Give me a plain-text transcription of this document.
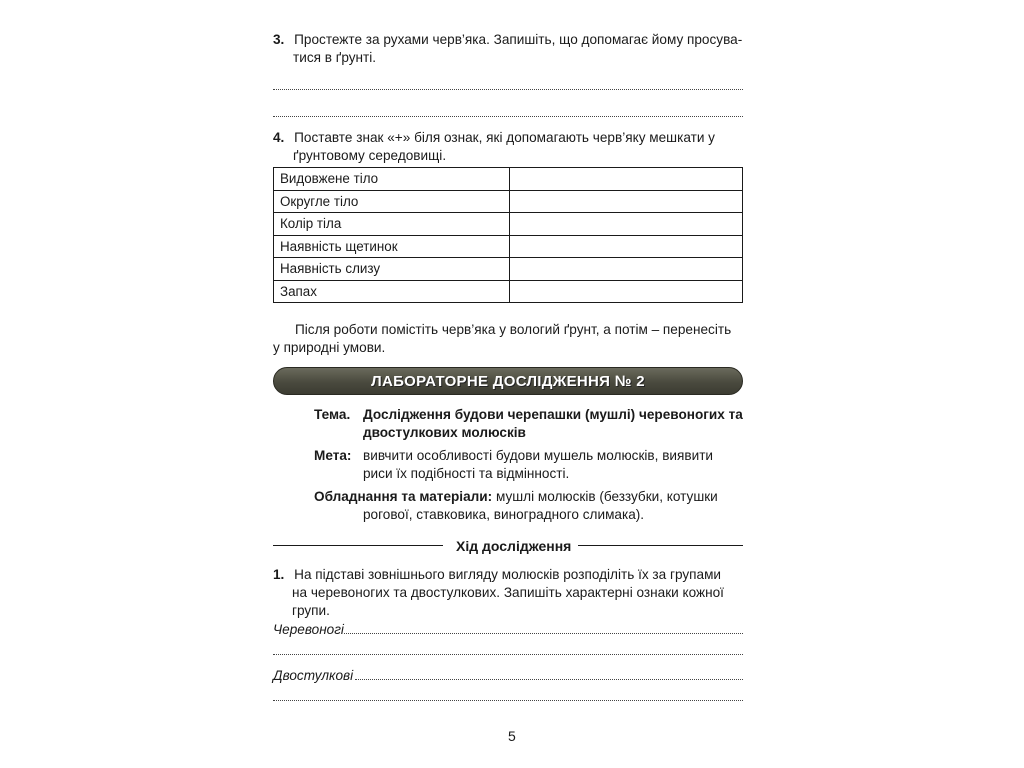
3. Простежте за рухами черв’яка. Запишіть, що допомагає йому просува-
тися в ґрунті.
4. Поставте знак «+» біля ознак, які допомагають черв’яку мешкати у
ґрунтовому середовищі.
Видовжене тіло	
Округле тіло	
Колір тіла	
Наявність щетинок	
Наявність слизу	
Запах	
Після роботи помістіть черв’яка у вологий ґрунт, а потім – перенесіть
у природні умови.
ЛАБОРАТОРНЕ ДОСЛІДЖЕННЯ № 2
Тема. Дослідження будови черепашки (мушлі) черевоногих та
двостулкових молюсків
Мета: вивчити особливості будови мушель молюсків, виявити
риси їх подібності та відмінності.
Обладнання та матеріали: мушлі молюсків (беззубки, котушки
рогової, ставковика, виноградного слимака).
Хід дослідження
1. На підставі зовнішнього вигляду молюсків розподіліть їх за групами
на черевоногих та двостулкових. Запишіть характерні ознаки кожної
групи.
Черевоногі
Двостулкові
5
